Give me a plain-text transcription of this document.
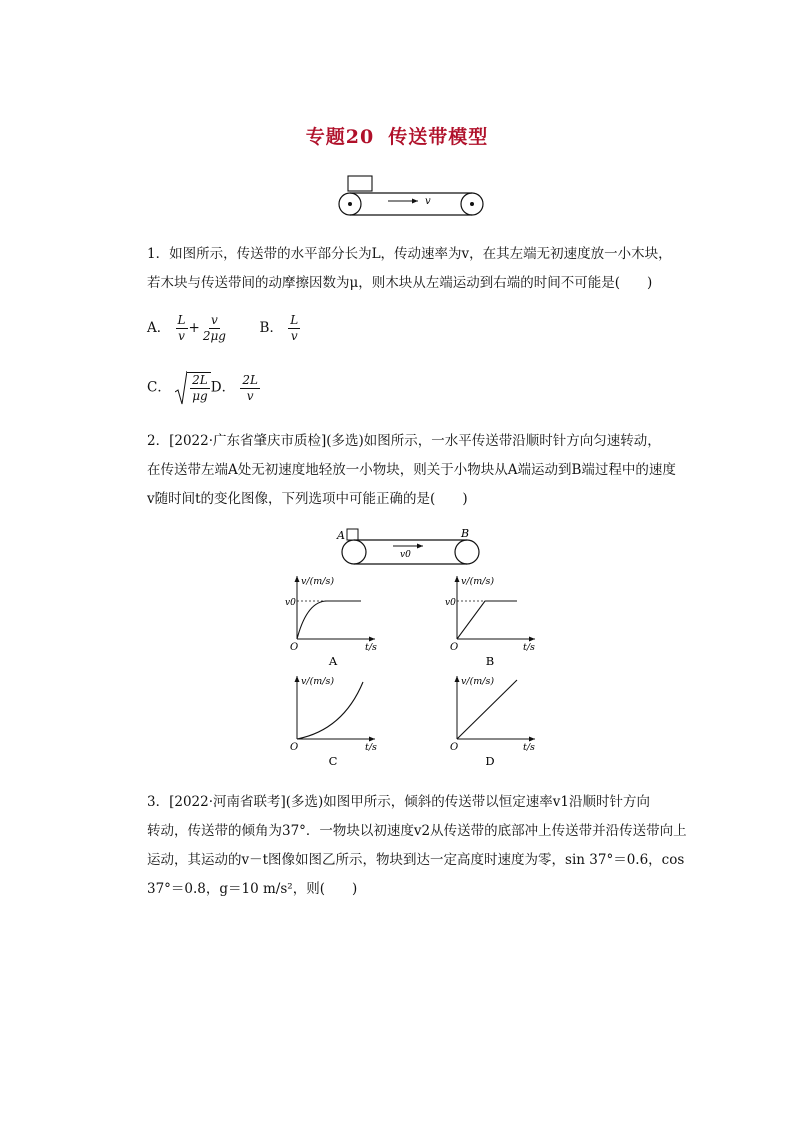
专题20 传送带模型
v
1．如图所示，传送带的水平部分长为L，传动速率为v，在其左端无初速度放一小木块，
若木块与传送带间的动摩擦因数为μ，则木块从左端运动到右端的时间不可能是(　　)
A． $\frac{L}{v} + \frac{v}{2\mu g}$ B． $\frac{L}{v}$
C． $\frac{2L}{\mu g}$ D． $\frac{2L}{v}$
2．[2022·广东省肇庆市质检](多选)如图所示，一水平传送带沿顺时针方向匀速转动，
在传送带左端A处无初速度地轻放一小物块，则关于小物块从A端运动到B端过程中的速度
v随时间t的变化图像，下列选项中可能正确的是(　　)
A	B
v0
v/(m/s)
t/s
O
v0
A
v/(m/s)
t/s
O
v0
B
v/(m/s)
t/s
O
C
v/(m/s)
t/s
O
D
3．[2022·河南省联考](多选)如图甲所示，倾斜的传送带以恒定速率v1沿顺时针方向
转动，传送带的倾角为37°．一物块以初速度v2从传送带的底部冲上传送带并沿传送带向上
运动，其运动的v－t图像如图乙所示，物块到达一定高度时速度为零，sin 37°＝0.6，cos
37°＝0.8，g＝10 m/s²，则(　　)
